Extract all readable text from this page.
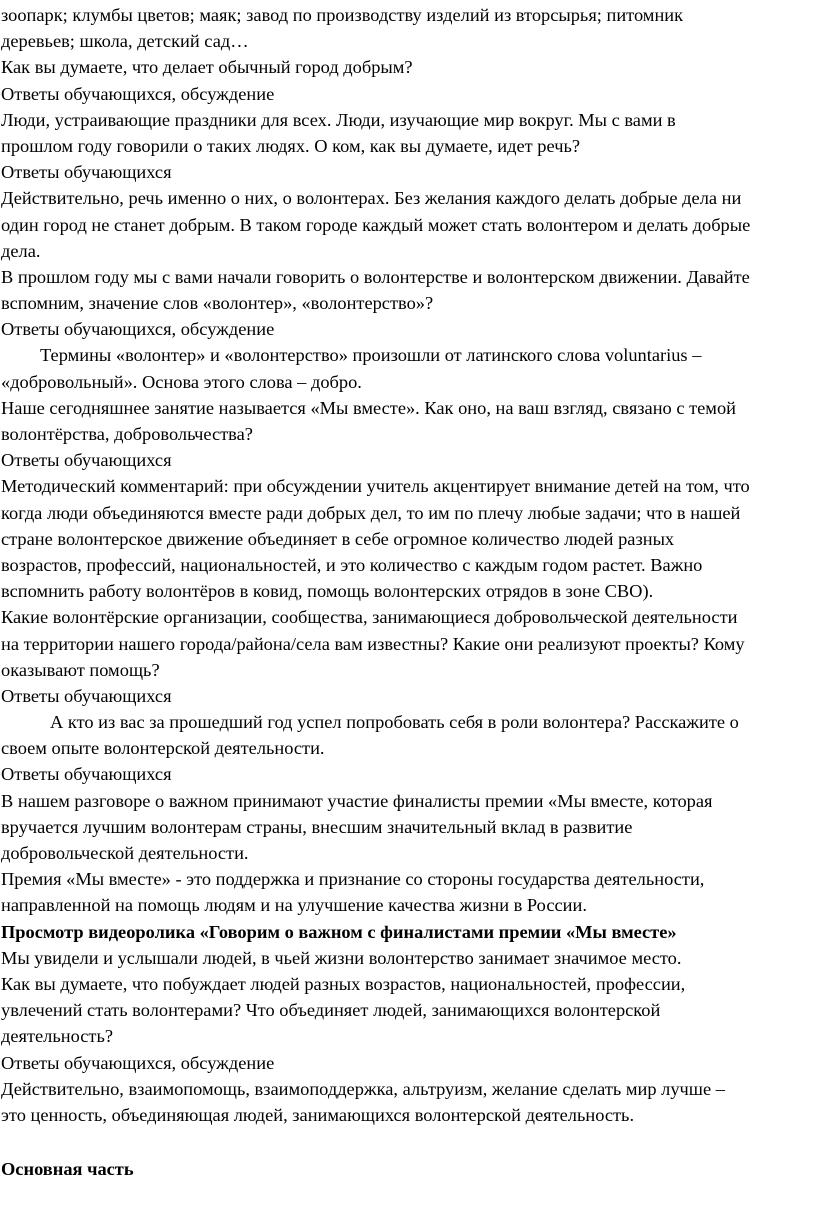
зоопарк; клумбы цветов; маяк; завод по производству изделий из вторсырья; питомник

деревьев; школа, детский сад…

Как вы думаете, что делает обычный город добрым?

Ответы обучающихся, обсуждение

Люди, устраивающие праздники для всех. Люди, изучающие мир вокруг. Мы с вами в

прошлом году говорили о таких людях. О ком, как вы думаете, идет речь?

Ответы обучающихся

Действительно, речь именно о них, о волонтерах. Без желания каждого делать добрые дела ни

один город не станет добрым. В таком городе каждый может стать волонтером и делать добрые

дела.

В прошлом году мы с вами начали говорить о волонтерстве и волонтерском движении. Давайте

вспомним, значение слов «волонтер», «волонтерство»?

Ответы обучающихся, обсуждение

Термины «волонтер» и «волонтерство» произошли от латинского слова voluntarius –

«добровольный». Основа этого слова – добро.

Наше сегодняшнее занятие называется «Мы вместе». Как оно, на ваш взгляд, связано с темой

волонтёрства, добровольчества?

Ответы обучающихся

Методический комментарий: при обсуждении учитель акцентирует внимание детей на том, что

когда люди объединяются вместе ради добрых дел, то им по плечу любые задачи; что в нашей

стране волонтерское движение объединяет в себе огромное количество людей разных

возрастов, профессий, национальностей, и это количество с каждым годом растет. Важно

вспомнить работу волонтёров в ковид, помощь волонтерских отрядов в зоне СВО).

Какие волонтёрские организации, сообщества, занимающиеся добровольческой деятельности

на территории нашего города/района/села вам известны? Какие они реализуют проекты? Кому

оказывают помощь?

Ответы обучающихся

А кто из вас за прошедший год успел попробовать себя в роли волонтера? Расскажите о

своем опыте волонтерской деятельности.

Ответы обучающихся

В нашем разговоре о важном принимают участие финалисты премии «Мы вместе, которая

вручается лучшим волонтерам страны, внесшим значительный вклад в развитие

добровольческой деятельности.

Премия «Мы вместе» - это поддержка и признание со стороны государства деятельности,

направленной на помощь людям и на улучшение качества жизни в России.

Просмотр видеоролика «Говорим о важном с финалистами премии «Мы вместе»

Мы увидели и услышали людей, в чьей жизни волонтерство занимает значимое место.

Как вы думаете, что побуждает людей разных возрастов, национальностей, профессии,

увлечений стать волонтерами? Что объединяет людей, занимающихся волонтерской

деятельность?

Ответы обучающихся, обсуждение

Действительно, взаимопомощь, взаимоподдержка, альтруизм, желание сделать мир лучше –

это ценность, объединяющая людей, занимающихся волонтерской деятельность.

Основная часть
